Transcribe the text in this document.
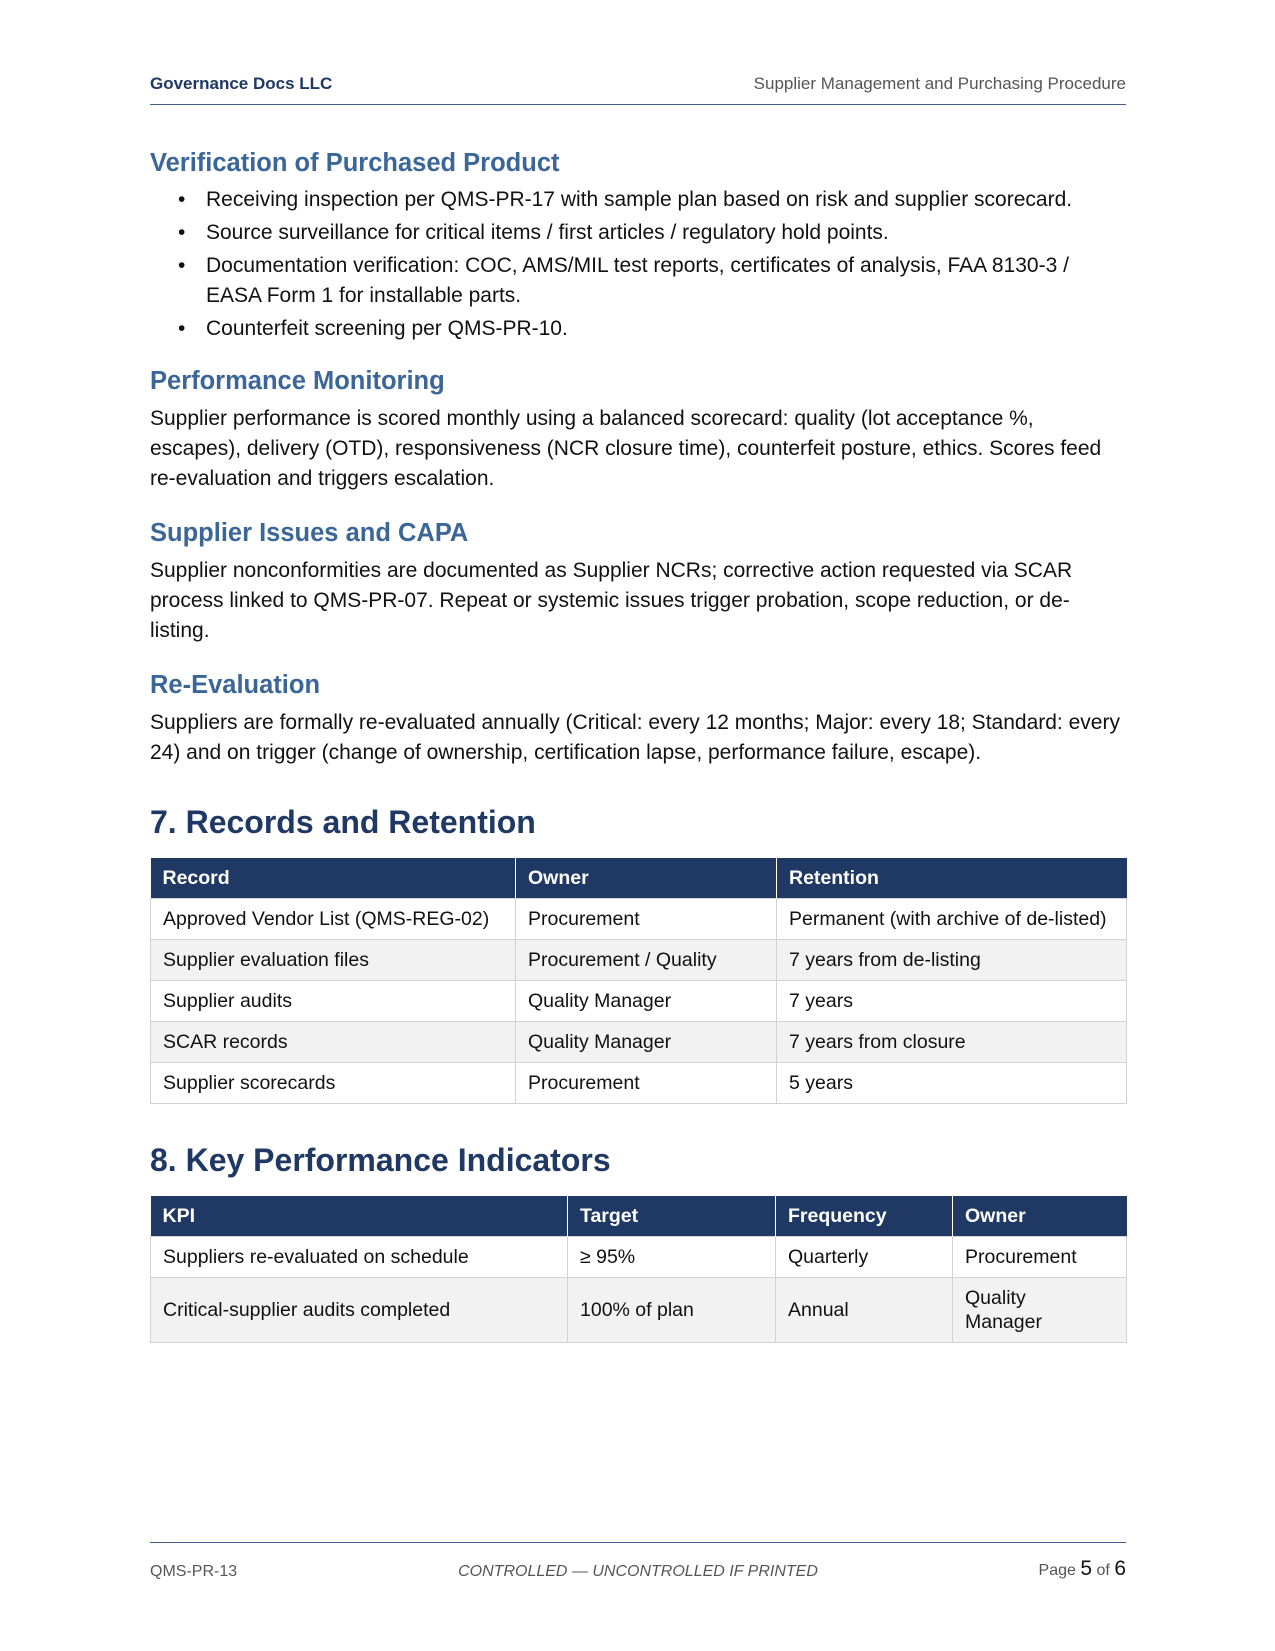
Governance Docs LLC	Supplier Management and Purchasing Procedure
Verification of Purchased Product
• Receiving inspection per QMS-PR-17 with sample plan based on risk and supplier scorecard.
• Source surveillance for critical items / first articles / regulatory hold points.
• Documentation verification: COC, AMS/MIL test reports, certificates of analysis, FAA 8130-3 / EASA Form 1 for installable parts.
• Counterfeit screening per QMS-PR-10.
Performance Monitoring

Supplier performance is scored monthly using a balanced scorecard: quality (lot acceptance %, escapes), delivery (OTD), responsiveness (NCR closure time), counterfeit posture, ethics. Scores feed re-evaluation and triggers escalation.

Supplier Issues and CAPA

Supplier nonconformities are documented as Supplier NCRs; corrective action requested via SCAR process linked to QMS-PR-07. Repeat or systemic issues trigger probation, scope reduction, or de-listing.

Re-Evaluation

Suppliers are formally re-evaluated annually (Critical: every 12 months; Major: every 18; Standard: every 24) and on trigger (change of ownership, certification lapse, performance failure, escape).

7. Records and Retention
Record	Owner	Retention
Approved Vendor List (QMS-REG-02)	Procurement	Permanent (with archive of de-listed)
Supplier evaluation files	Procurement / Quality	7 years from de-listing
Supplier audits	Quality Manager	7 years
SCAR records	Quality Manager	7 years from closure
Supplier scorecards	Procurement	5 years
8. Key Performance Indicators
KPI	Target	Frequency	Owner
Suppliers re-evaluated on schedule	≥ 95%	Quarterly	Procurement
Critical-supplier audits completed	100% of plan	Annual	Quality Manager
QMS-PR-13	CONTROLLED — UNCONTROLLED IF PRINTED	Page 5 of 6
